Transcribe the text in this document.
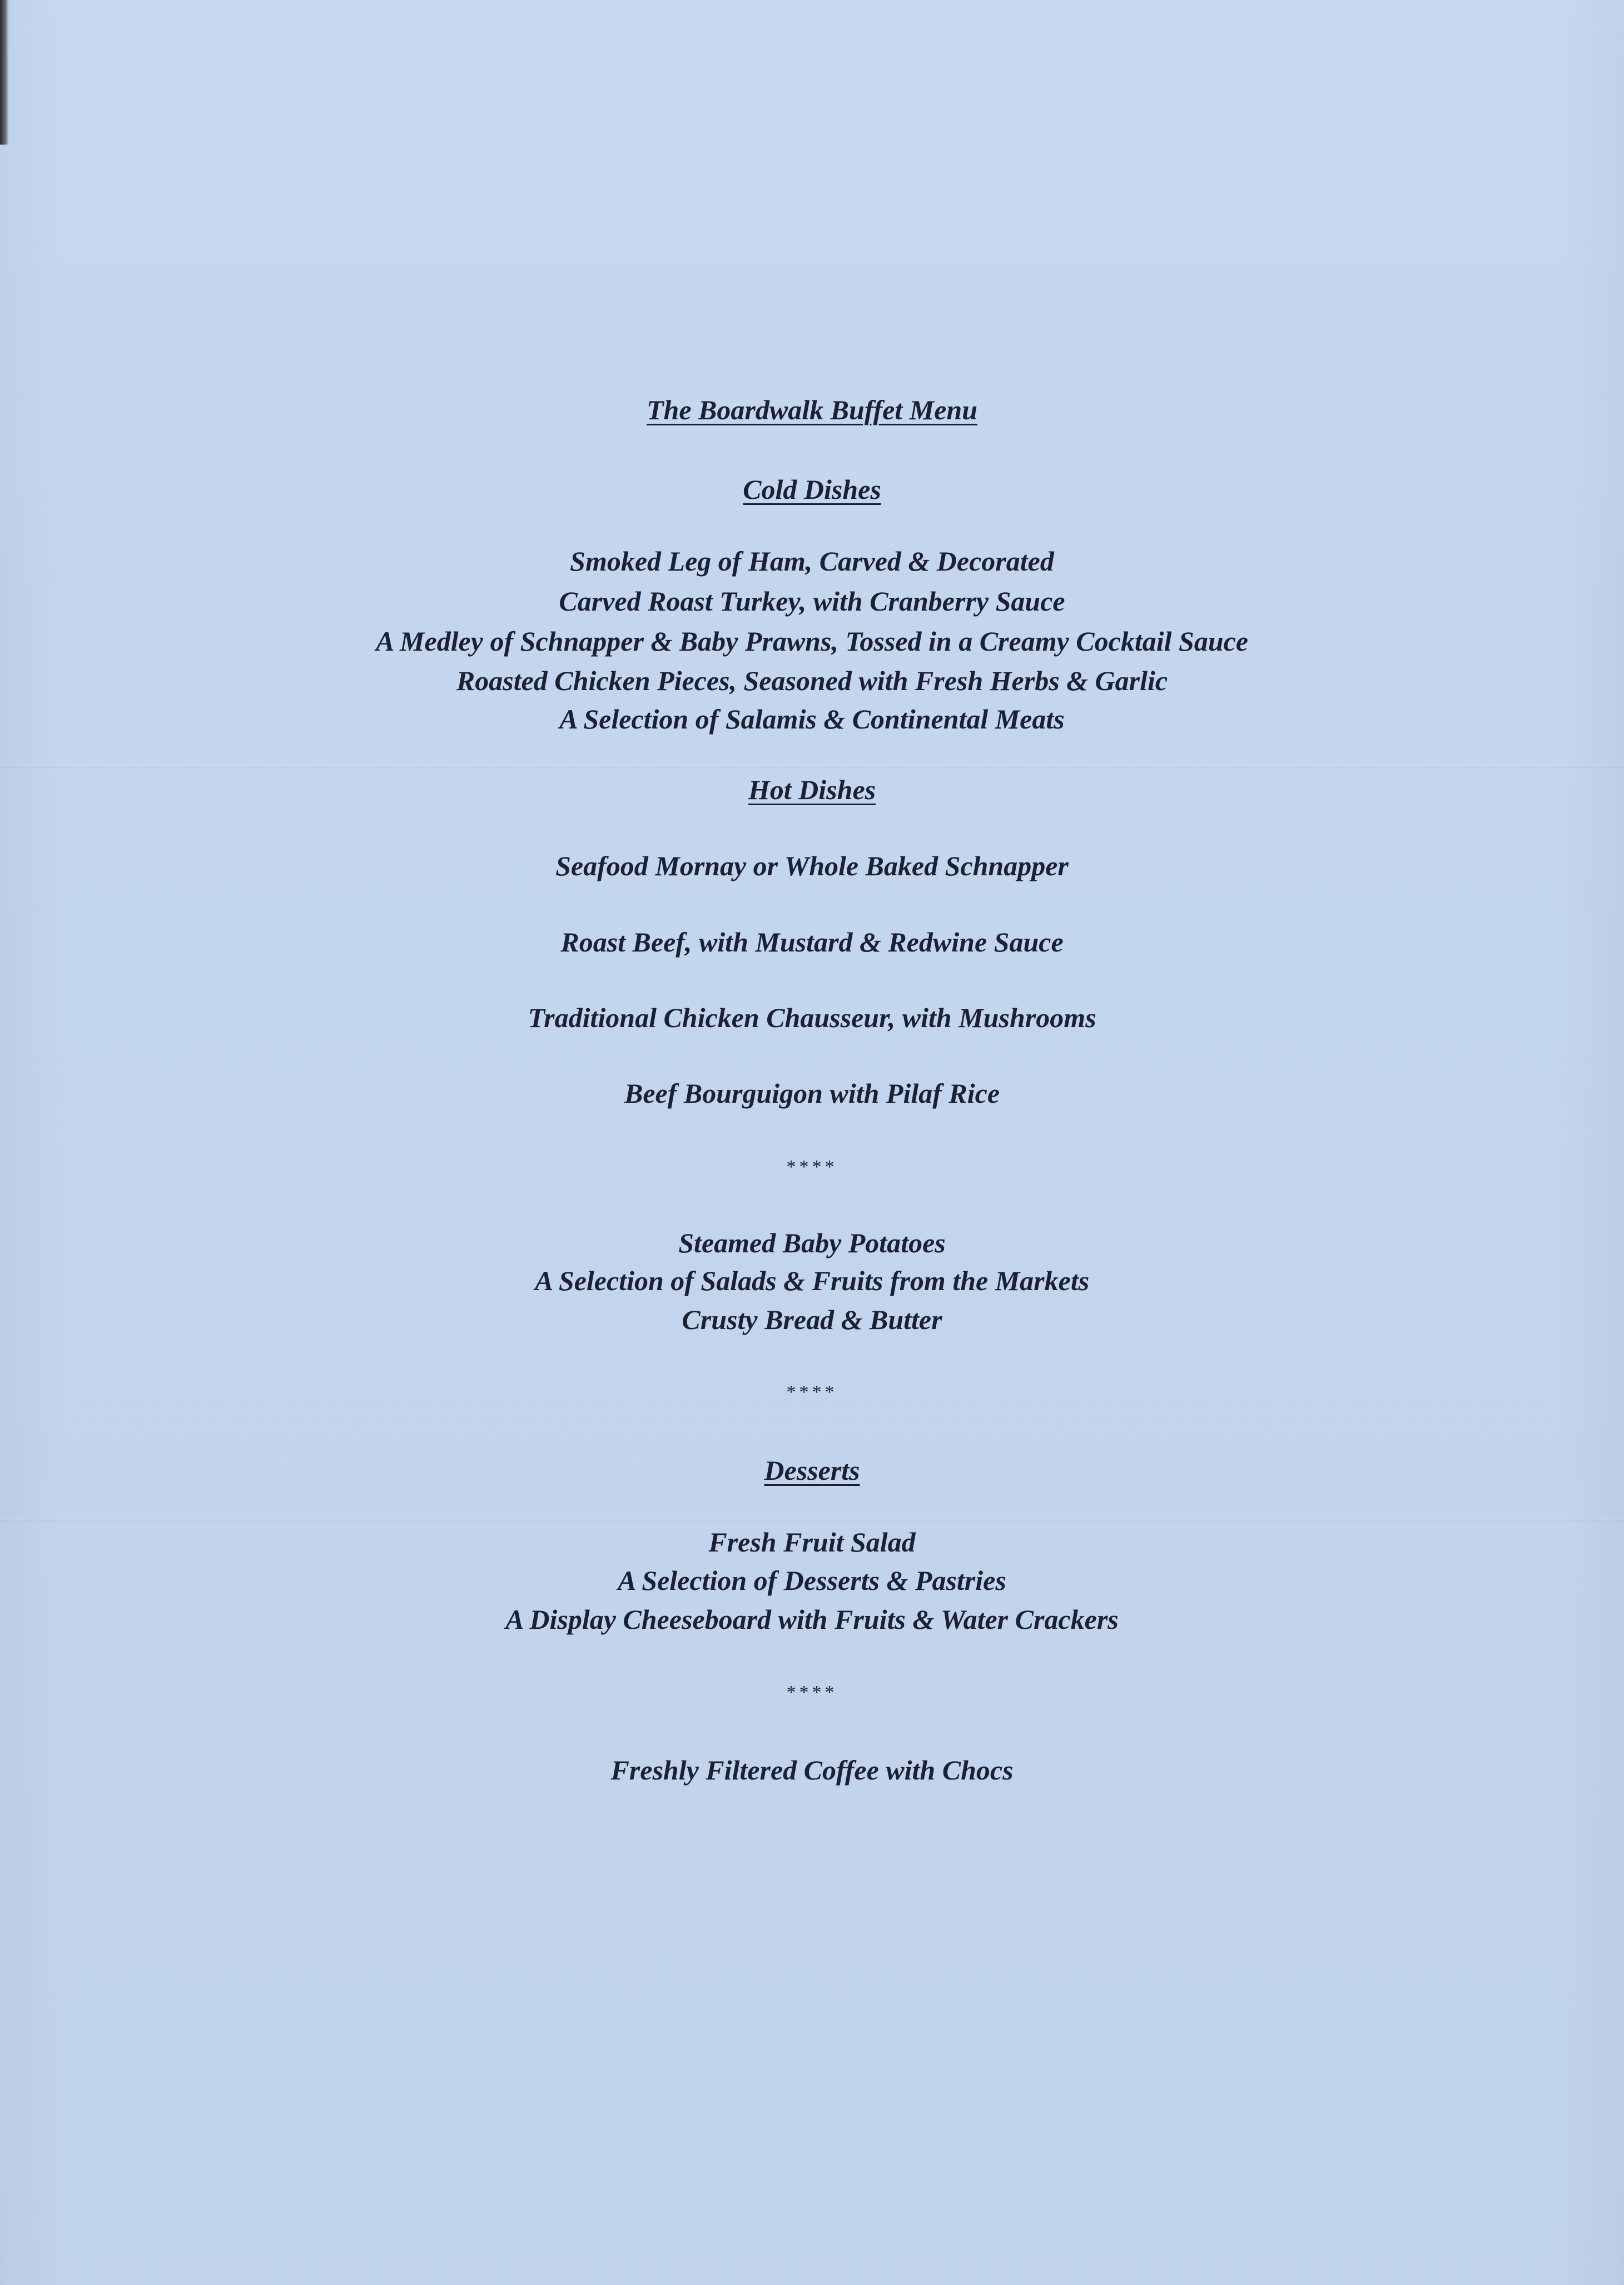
The Boardwalk Buffet Menu
Cold Dishes
Smoked Leg of Ham, Carved & Decorated
Carved Roast Turkey, with Cranberry Sauce
A Medley of Schnapper & Baby Prawns, Tossed in a Creamy Cocktail Sauce
Roasted Chicken Pieces, Seasoned with Fresh Herbs & Garlic
A Selection of Salamis & Continental Meats
Hot Dishes
Seafood Mornay or Whole Baked Schnapper
Roast Beef, with Mustard & Redwine Sauce
Traditional Chicken Chausseur, with Mushrooms
Beef Bourguigon with Pilaf Rice
****
Steamed Baby Potatoes
A Selection of Salads & Fruits from the Markets
Crusty Bread & Butter
****
Desserts
Fresh Fruit Salad
A Selection of Desserts & Pastries
A Display Cheeseboard with Fruits & Water Crackers
****
Freshly Filtered Coffee with Chocs
